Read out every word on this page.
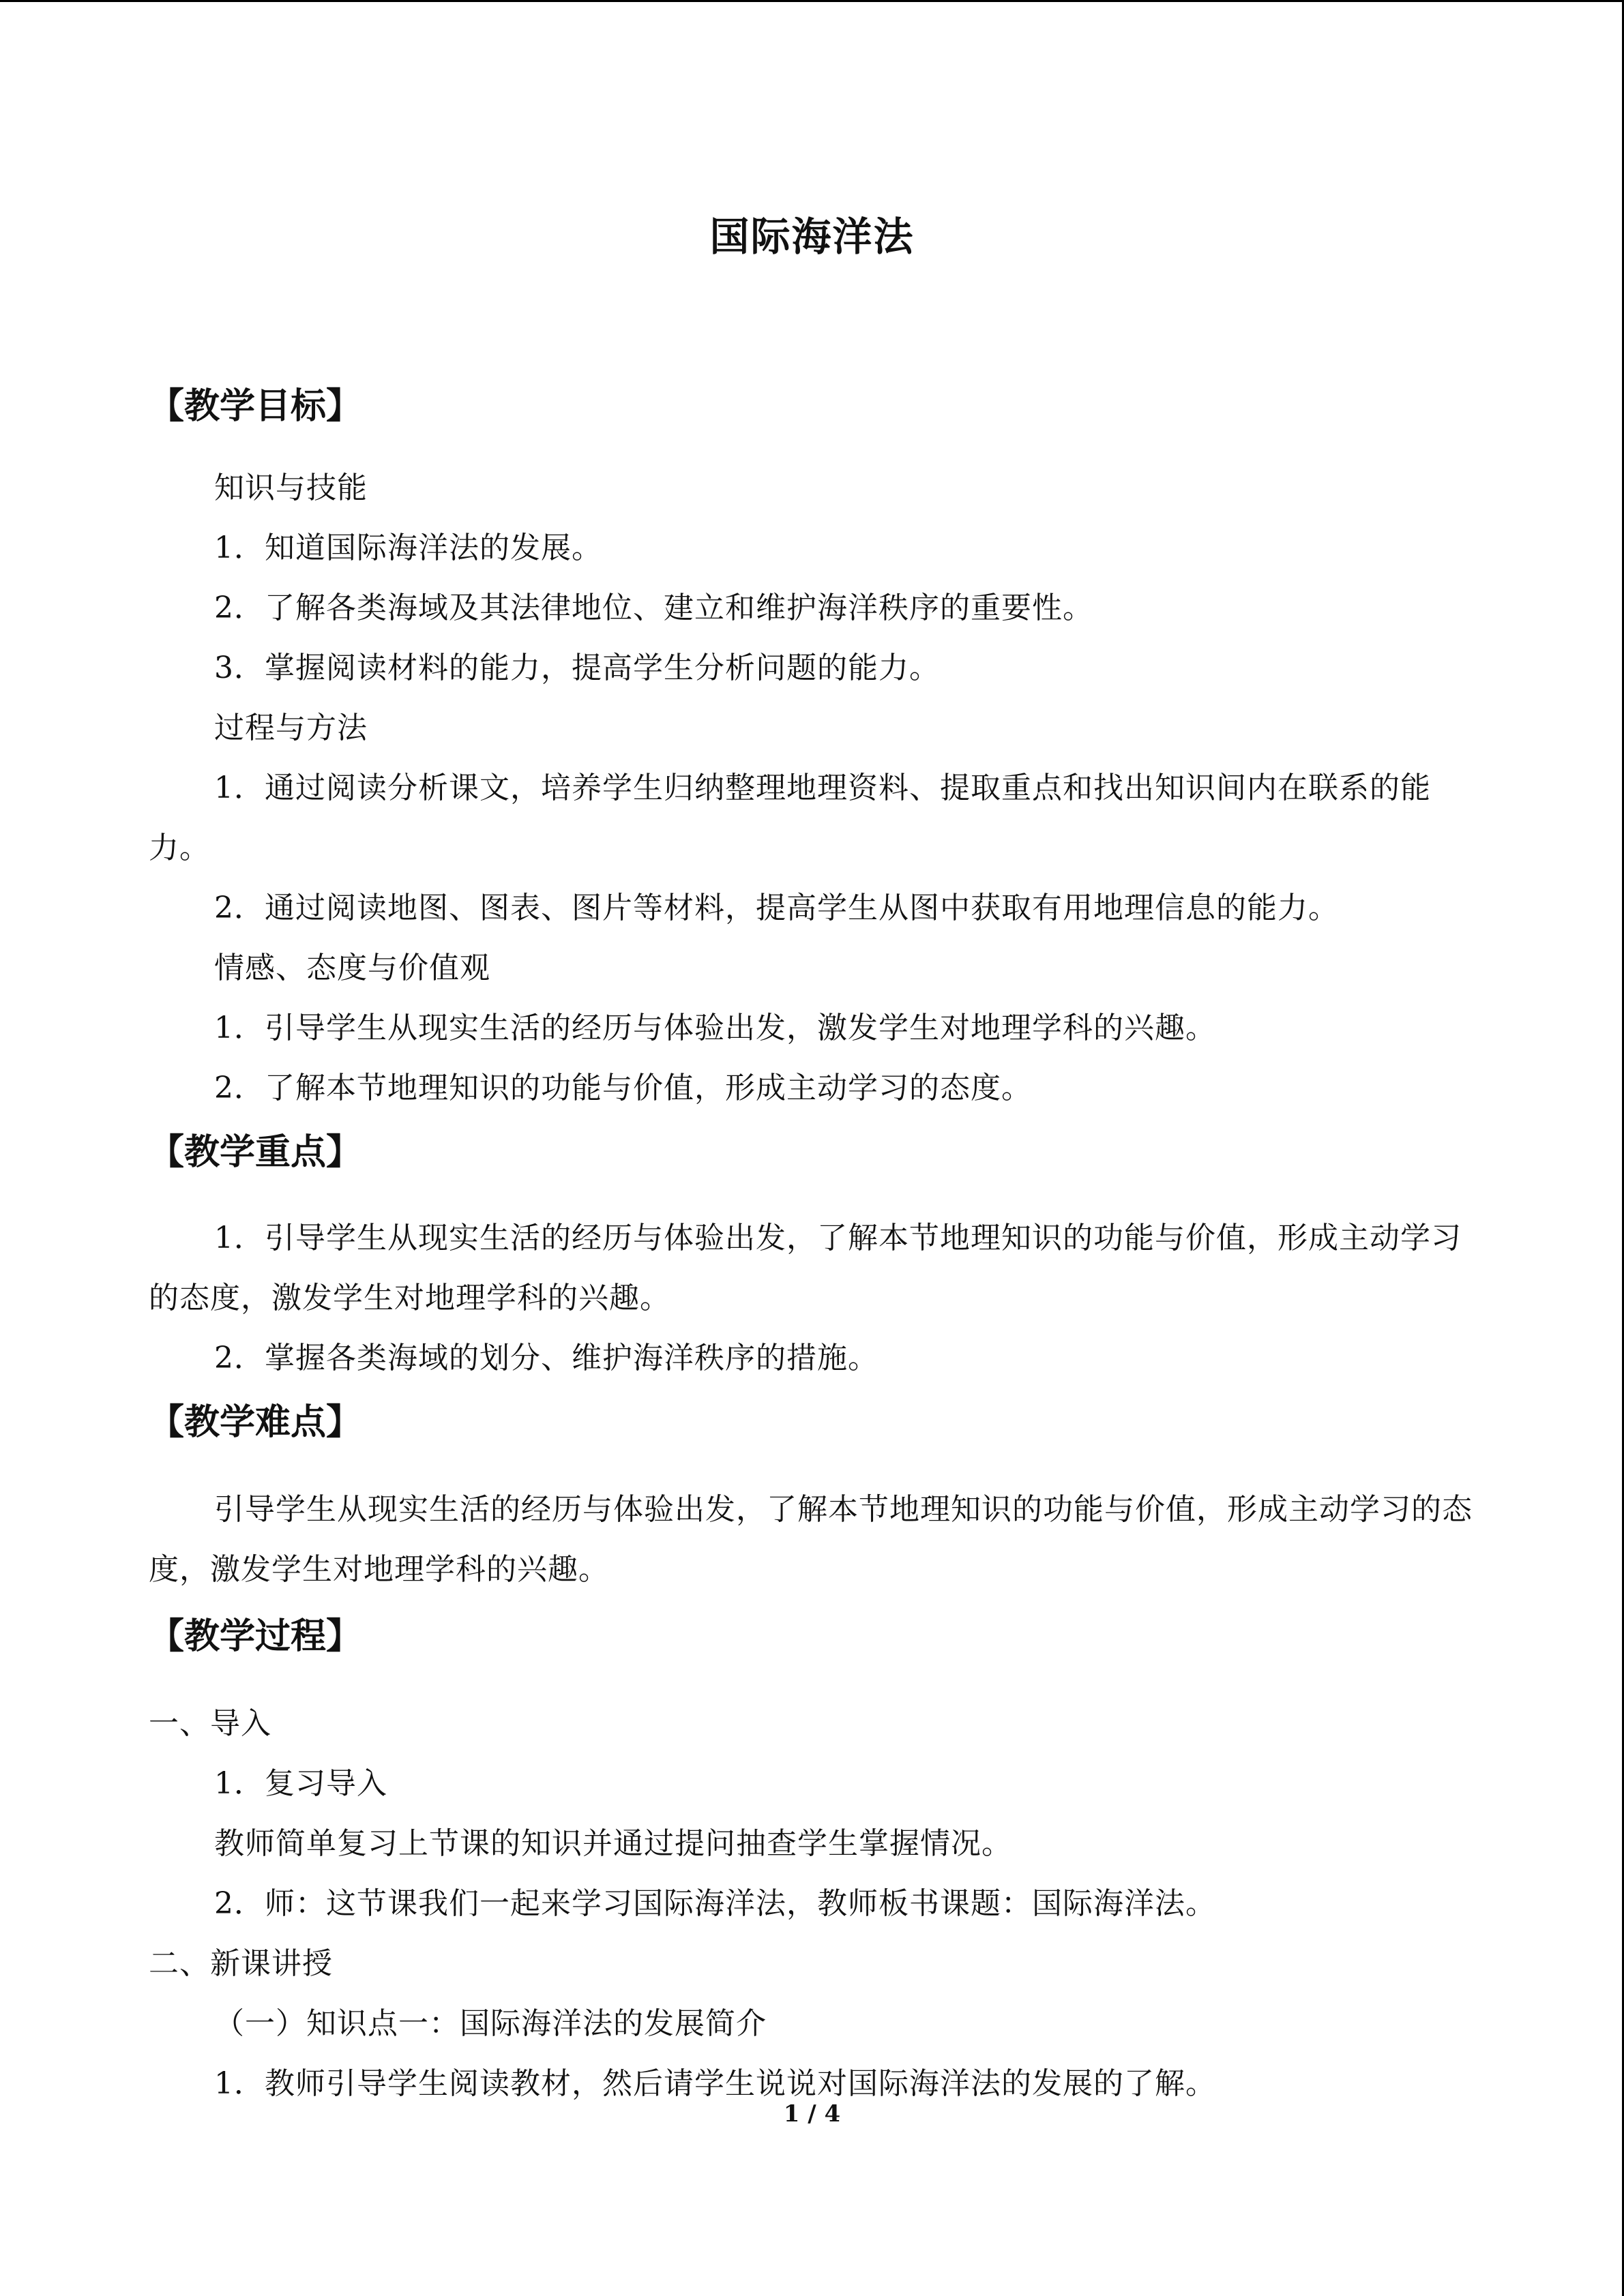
国际海洋法
【教学目标】

知识与技能

1．知道国际海洋法的发展。

2．了解各类海域及其法律地位、建立和维护海洋秩序的重要性。

3．掌握阅读材料的能力，提高学生分析问题的能力。

过程与方法

1．通过阅读分析课文，培养学生归纳整理地理资料、提取重点和找出知识间内在联系的能力。

2．通过阅读地图、图表、图片等材料，提高学生从图中获取有用地理信息的能力。

情感、态度与价值观

1．引导学生从现实生活的经历与体验出发，激发学生对地理学科的兴趣。

2．了解本节地理知识的功能与价值，形成主动学习的态度。

【教学重点】

1．引导学生从现实生活的经历与体验出发，了解本节地理知识的功能与价值，形成主动学习的态度，激发学生对地理学科的兴趣。

2．掌握各类海域的划分、维护海洋秩序的措施。

【教学难点】

引导学生从现实生活的经历与体验出发，了解本节地理知识的功能与价值，形成主动学习的态度，激发学生对地理学科的兴趣。

【教学过程】

一、导入

1．复习导入

教师简单复习上节课的知识并通过提问抽查学生掌握情况。

2．师：这节课我们一起来学习国际海洋法，教师板书课题：国际海洋法。

二、新课讲授

（一）知识点一：国际海洋法的发展简介

1．教师引导学生阅读教材，然后请学生说说对国际海洋法的发展的了解。

1 / 4
